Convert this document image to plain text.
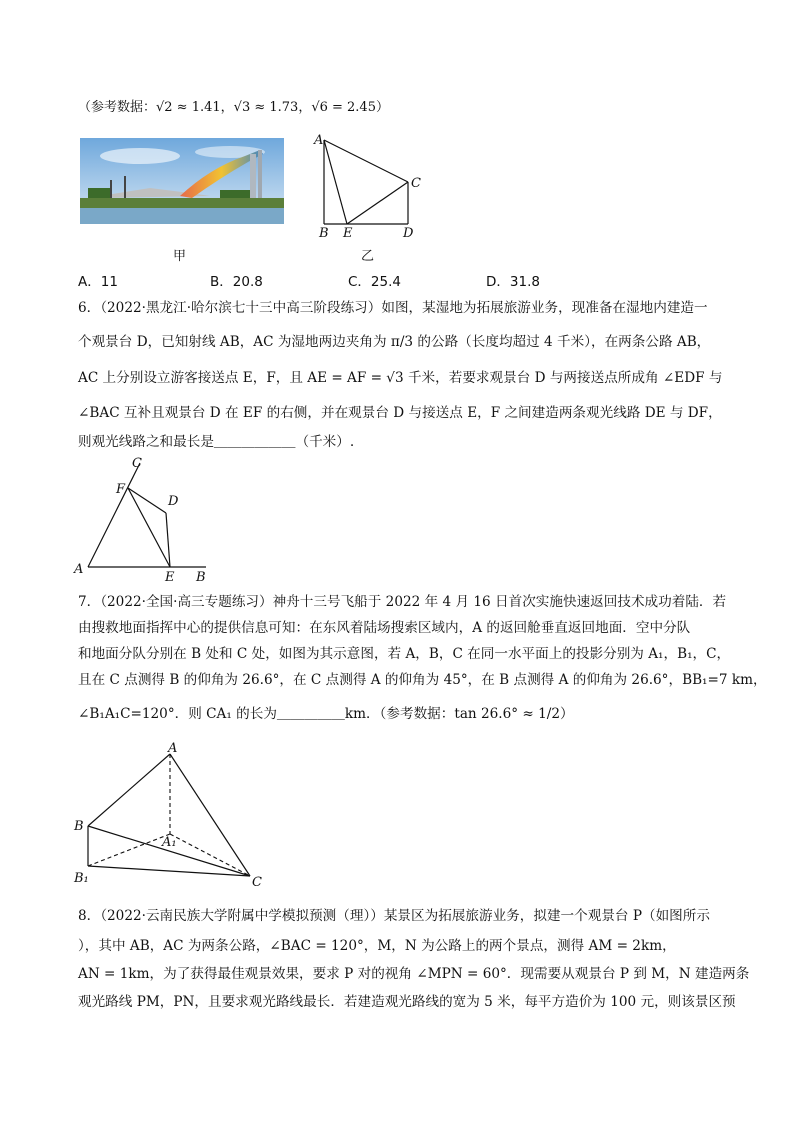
（参考数据：√2 ≈ 1.41，√3 ≈ 1.73，√6 = 2.45）
甲
A
B E	D
C
乙
A．11	B．20.8	C．25.4	D．31.8
6．（2022·黑龙江·哈尔滨七十三中高三阶段练习）如图，某湿地为拓展旅游业务，现准备在湿地内建造一
个观景台 D，已知射线 AB，AC 为湿地两边夹角为 π/3 的公路（长度均超过 4 千米），在两条公路 AB，
AC 上分别设立游客接送点 E，F，且 AE = AF = √3 千米，若要求观景台 D 与两接送点所成角 ∠EDF 与
∠BAC 互补且观景台 D 在 EF 的右侧，并在观景台 D 与接送点 E，F 之间建造两条观光线路 DE 与 DF，
则观光线路之和最长是＿＿＿＿＿＿（千米）.
C
F
D
A
E B
7．（2022·全国·高三专题练习）神舟十三号飞船于 2022 年 4 月 16 日首次实施快速返回技术成功着陆．若
由搜救地面指挥中心的提供信息可知：在东风着陆场搜索区域内，A 的返回舱垂直返回地面．空中分队
和地面分队分别在 B 处和 C 处，如图为其示意图，若 A，B，C 在同一水平面上的投影分别为 A₁，B₁，C，
且在 C 点测得 B 的仰角为 26.6°，在 C 点测得 A 的仰角为 45°，在 B 点测得 A 的仰角为 26.6°，BB₁=7 km，
∠B₁A₁C=120°．则 CA₁ 的长为＿＿＿＿＿km．（参考数据：tan 26.6° ≈ 1/2）
A
B
A₁
B₁	C
8．（2022·云南民族大学附属中学模拟预测（理））某景区为拓展旅游业务，拟建一个观景台 P（如图所示
），其中 AB，AC 为两条公路，∠BAC = 120°，M，N 为公路上的两个景点，测得 AM = 2km，
AN = 1km，为了获得最佳观景效果，要求 P 对的视角 ∠MPN = 60°．现需要从观景台 P 到 M，N 建造两条
观光路线 PM，PN，且要求观光路线最长．若建造观光路线的宽为 5 米，每平方造价为 100 元，则该景区预
